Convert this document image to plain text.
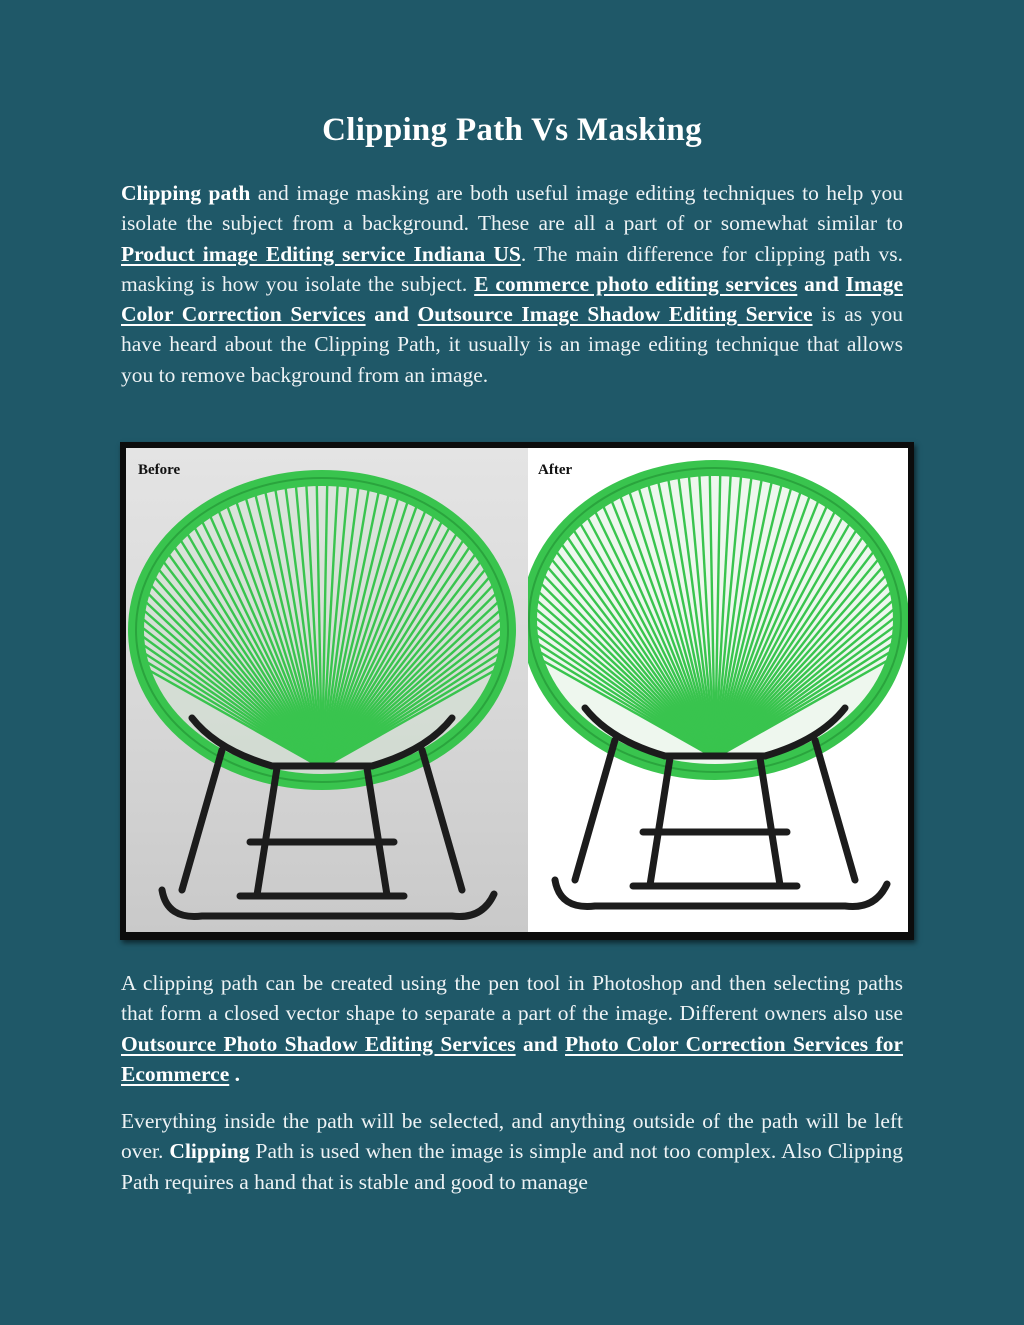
Clipping Path Vs Masking

Clipping path and image masking are both useful image editing techniques to help you isolate the subject from a background. These are all a part of or somewhat similar to Product image Editing service Indiana US. The main difference for clipping path vs. masking is how you isolate the subject. E commerce photo editing services and Image Color Correction Services and Outsource Image Shadow Editing Service is as you have heard about the Clipping Path, it usually is an image editing technique that allows you to remove background from an image.

Before	After

A clipping path can be created using the pen tool in Photoshop and then selecting paths that form a closed vector shape to separate a part of the image. Different owners also use Outsource Photo Shadow Editing Services and Photo Color Correction Services for Ecommerce .

Everything inside the path will be selected, and anything outside of the path will be left over. Clipping Path is used when the image is simple and not too complex. Also Clipping Path requires a hand that is stable and good to manage
